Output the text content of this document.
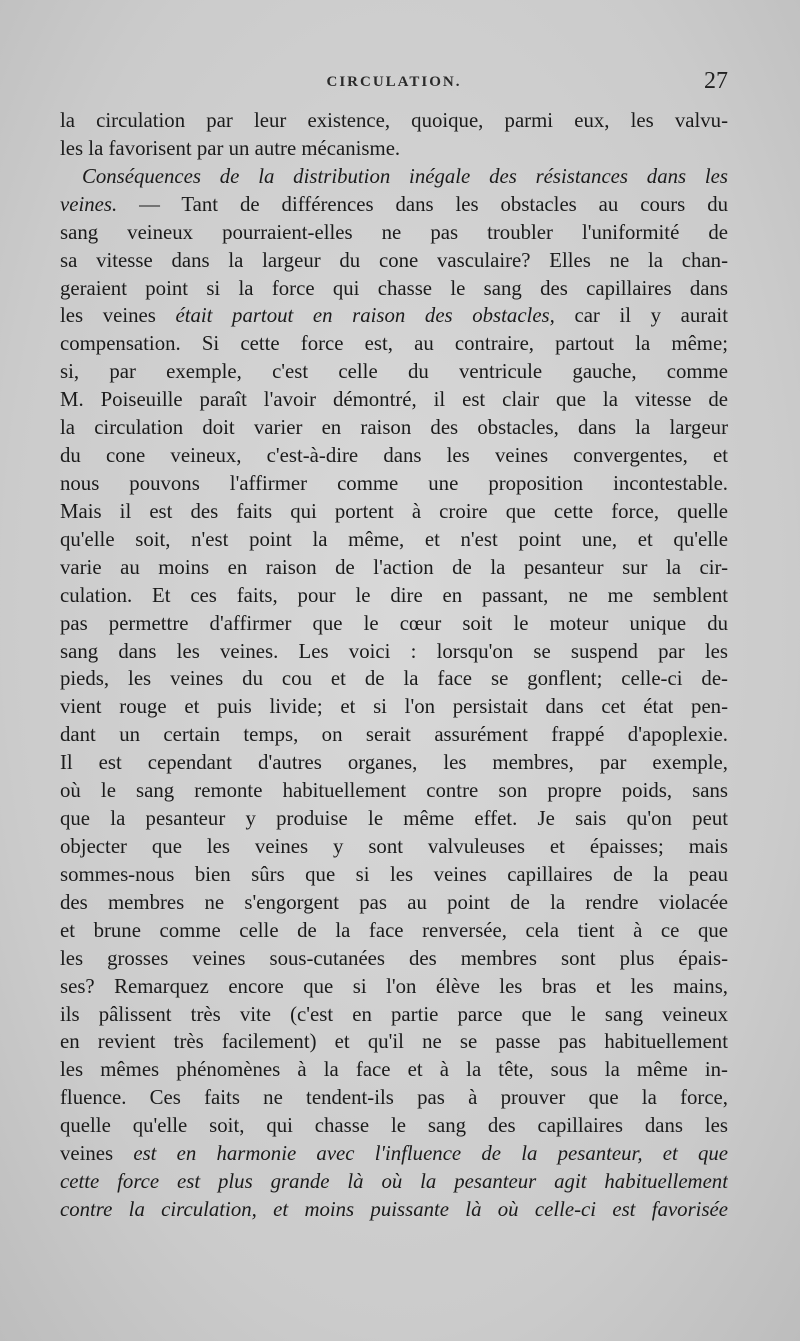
CIRCULATION.	27
la circulation par leur existence, quoique, parmi eux, les valvu-
les la favorisent par un autre mécanisme.
Conséquences de la distribution inégale des résistances dans les
veines. — Tant de différences dans les obstacles au cours du
sang veineux pourraient-elles ne pas troubler l'uniformité de
sa vitesse dans la largeur du cone vasculaire? Elles ne la chan-
geraient point si la force qui chasse le sang des capillaires dans
les veines était partout en raison des obstacles, car il y aurait
compensation. Si cette force est, au contraire, partout la même;
si, par exemple, c'est celle du ventricule gauche, comme
M. Poiseuille paraît l'avoir démontré, il est clair que la vitesse de
la circulation doit varier en raison des obstacles, dans la largeur
du cone veineux, c'est-à-dire dans les veines convergentes, et
nous pouvons l'affirmer comme une proposition incontestable.
Mais il est des faits qui portent à croire que cette force, quelle
qu'elle soit, n'est point la même, et n'est point une, et qu'elle
varie au moins en raison de l'action de la pesanteur sur la cir-
culation. Et ces faits, pour le dire en passant, ne me semblent
pas permettre d'affirmer que le cœur soit le moteur unique du
sang dans les veines. Les voici : lorsqu'on se suspend par les
pieds, les veines du cou et de la face se gonflent; celle-ci de-
vient rouge et puis livide; et si l'on persistait dans cet état pen-
dant un certain temps, on serait assurément frappé d'apoplexie.
Il est cependant d'autres organes, les membres, par exemple,
où le sang remonte habituellement contre son propre poids, sans
que la pesanteur y produise le même effet. Je sais qu'on peut
objecter que les veines y sont valvuleuses et épaisses; mais
sommes-nous bien sûrs que si les veines capillaires de la peau
des membres ne s'engorgent pas au point de la rendre violacée
et brune comme celle de la face renversée, cela tient à ce que
les grosses veines sous-cutanées des membres sont plus épais-
ses? Remarquez encore que si l'on élève les bras et les mains,
ils pâlissent très vite (c'est en partie parce que le sang veineux
en revient très facilement) et qu'il ne se passe pas habituellement
les mêmes phénomènes à la face et à la tête, sous la même in-
fluence. Ces faits ne tendent-ils pas à prouver que la force,
quelle qu'elle soit, qui chasse le sang des capillaires dans les
veines est en harmonie avec l'influence de la pesanteur, et que
cette force est plus grande là où la pesanteur agit habituellement
contre la circulation, et moins puissante là où celle-ci est favorisée
